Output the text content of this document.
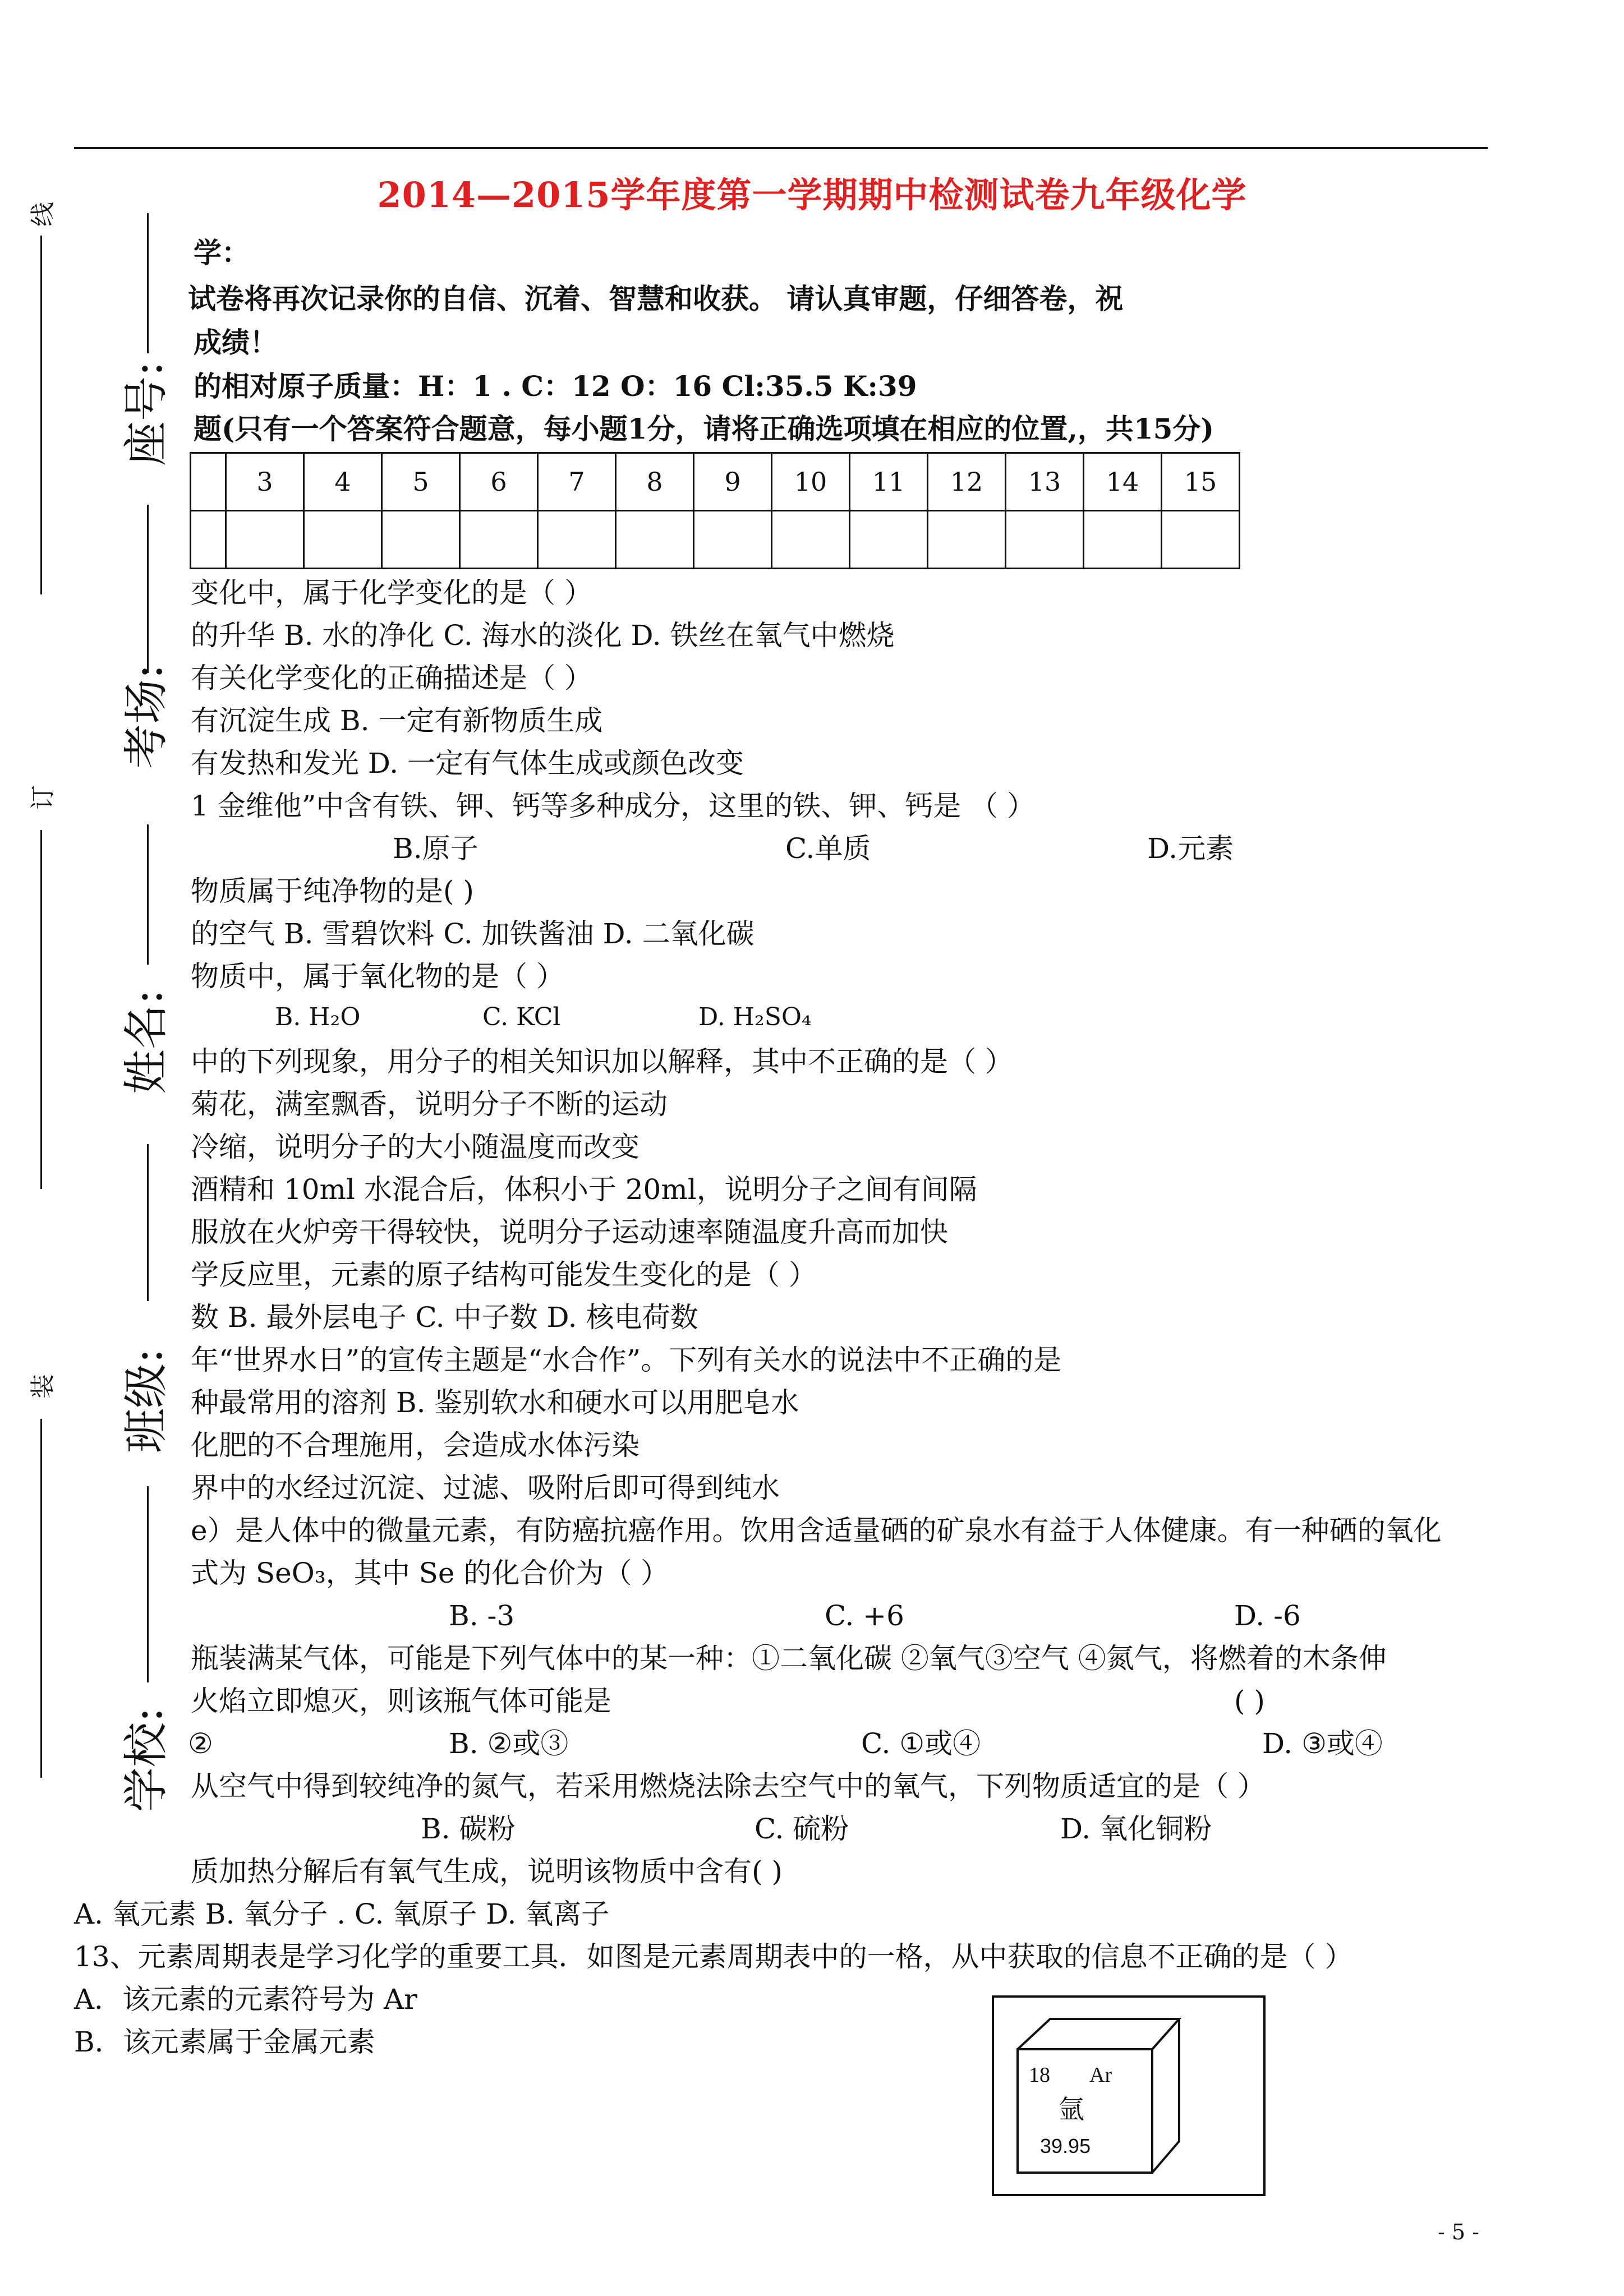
2014—2015学年度第一学期期中检测试卷九年级化学
线
订
装
座号:
考场:
姓名:
班级:
学校:
学：
试卷将再次记录你的自信、沉着、智慧和收获。 请认真审题，仔细答卷，祝
成绩！
的相对原子质量：H：1 . C：12 O：16 Cl:35.5 K:39
题(只有一个答案符合题意，每小题1分，请将正确选项填在相应的位置,，共15分)
	3	4	5	6	7	8	9	10	11	12	13	14	15

变化中，属于化学变化的是（ ）
的升华 B. 水的净化 C. 海水的淡化 D. 铁丝在氧气中燃烧
有关化学变化的正确描述是（ ）
有沉淀生成 B. 一定有新物质生成
有发热和发光 D. 一定有气体生成或颜色改变
1 金维他”中含有铁、钾、钙等多种成分，这里的铁、钾、钙是 （ ）
B.原子	C.单质	D.元素
物质属于纯净物的是( )
的空气 B. 雪碧饮料 C. 加铁酱油 D. 二氧化碳
物质中，属于氧化物的是（ ）
B. H₂O	C. KCl	D. H₂SO₄
中的下列现象，用分子的相关知识加以解释，其中不正确的是（ ）
菊花，满室飘香，说明分子不断的运动
冷缩，说明分子的大小随温度而改变
酒精和 10ml 水混合后，体积小于 20ml，说明分子之间有间隔
服放在火炉旁干得较快，说明分子运动速率随温度升高而加快
学反应里，元素的原子结构可能发生变化的是（ ）
数 B. 最外层电子 C. 中子数 D. 核电荷数
年“世界水日”的宣传主题是“水合作”。下列有关水的说法中不正确的是
种最常用的溶剂 B. 鉴别软水和硬水可以用肥皂水
化肥的不合理施用，会造成水体污染
界中的水经过沉淀、过滤、吸附后即可得到纯水
e）是人体中的微量元素，有防癌抗癌作用。饮用含适量硒的矿泉水有益于人体健康。有一种硒的氧化
式为 SeO₃，其中 Se 的化合价为（ ）
B. -3	C. +6	D. -6
瓶装满某气体，可能是下列气体中的某一种：①二氧化碳 ②氧气③空气 ④氮气，将燃着的木条伸
火焰立即熄灭，则该瓶气体可能是	( )
②	B. ②或③	C. ①或④	D. ③或④
从空气中得到较纯净的氮气，若采用燃烧法除去空气中的氧气，下列物质适宜的是（ ）
B. 碳粉	C. 硫粉	D. 氧化铜粉
质加热分解后有氧气生成，说明该物质中含有( )
A. 氧元素 B. 氧分子 . C. 氧原子 D. 氧离子
13、元素周期表是学习化学的重要工具．如图是元素周期表中的一格，从中获取的信息不正确的是（ ）
A．该元素的元素符号为 Ar
B．该元素属于金属元素
18 Ar
氩
39.95
- 5 -
